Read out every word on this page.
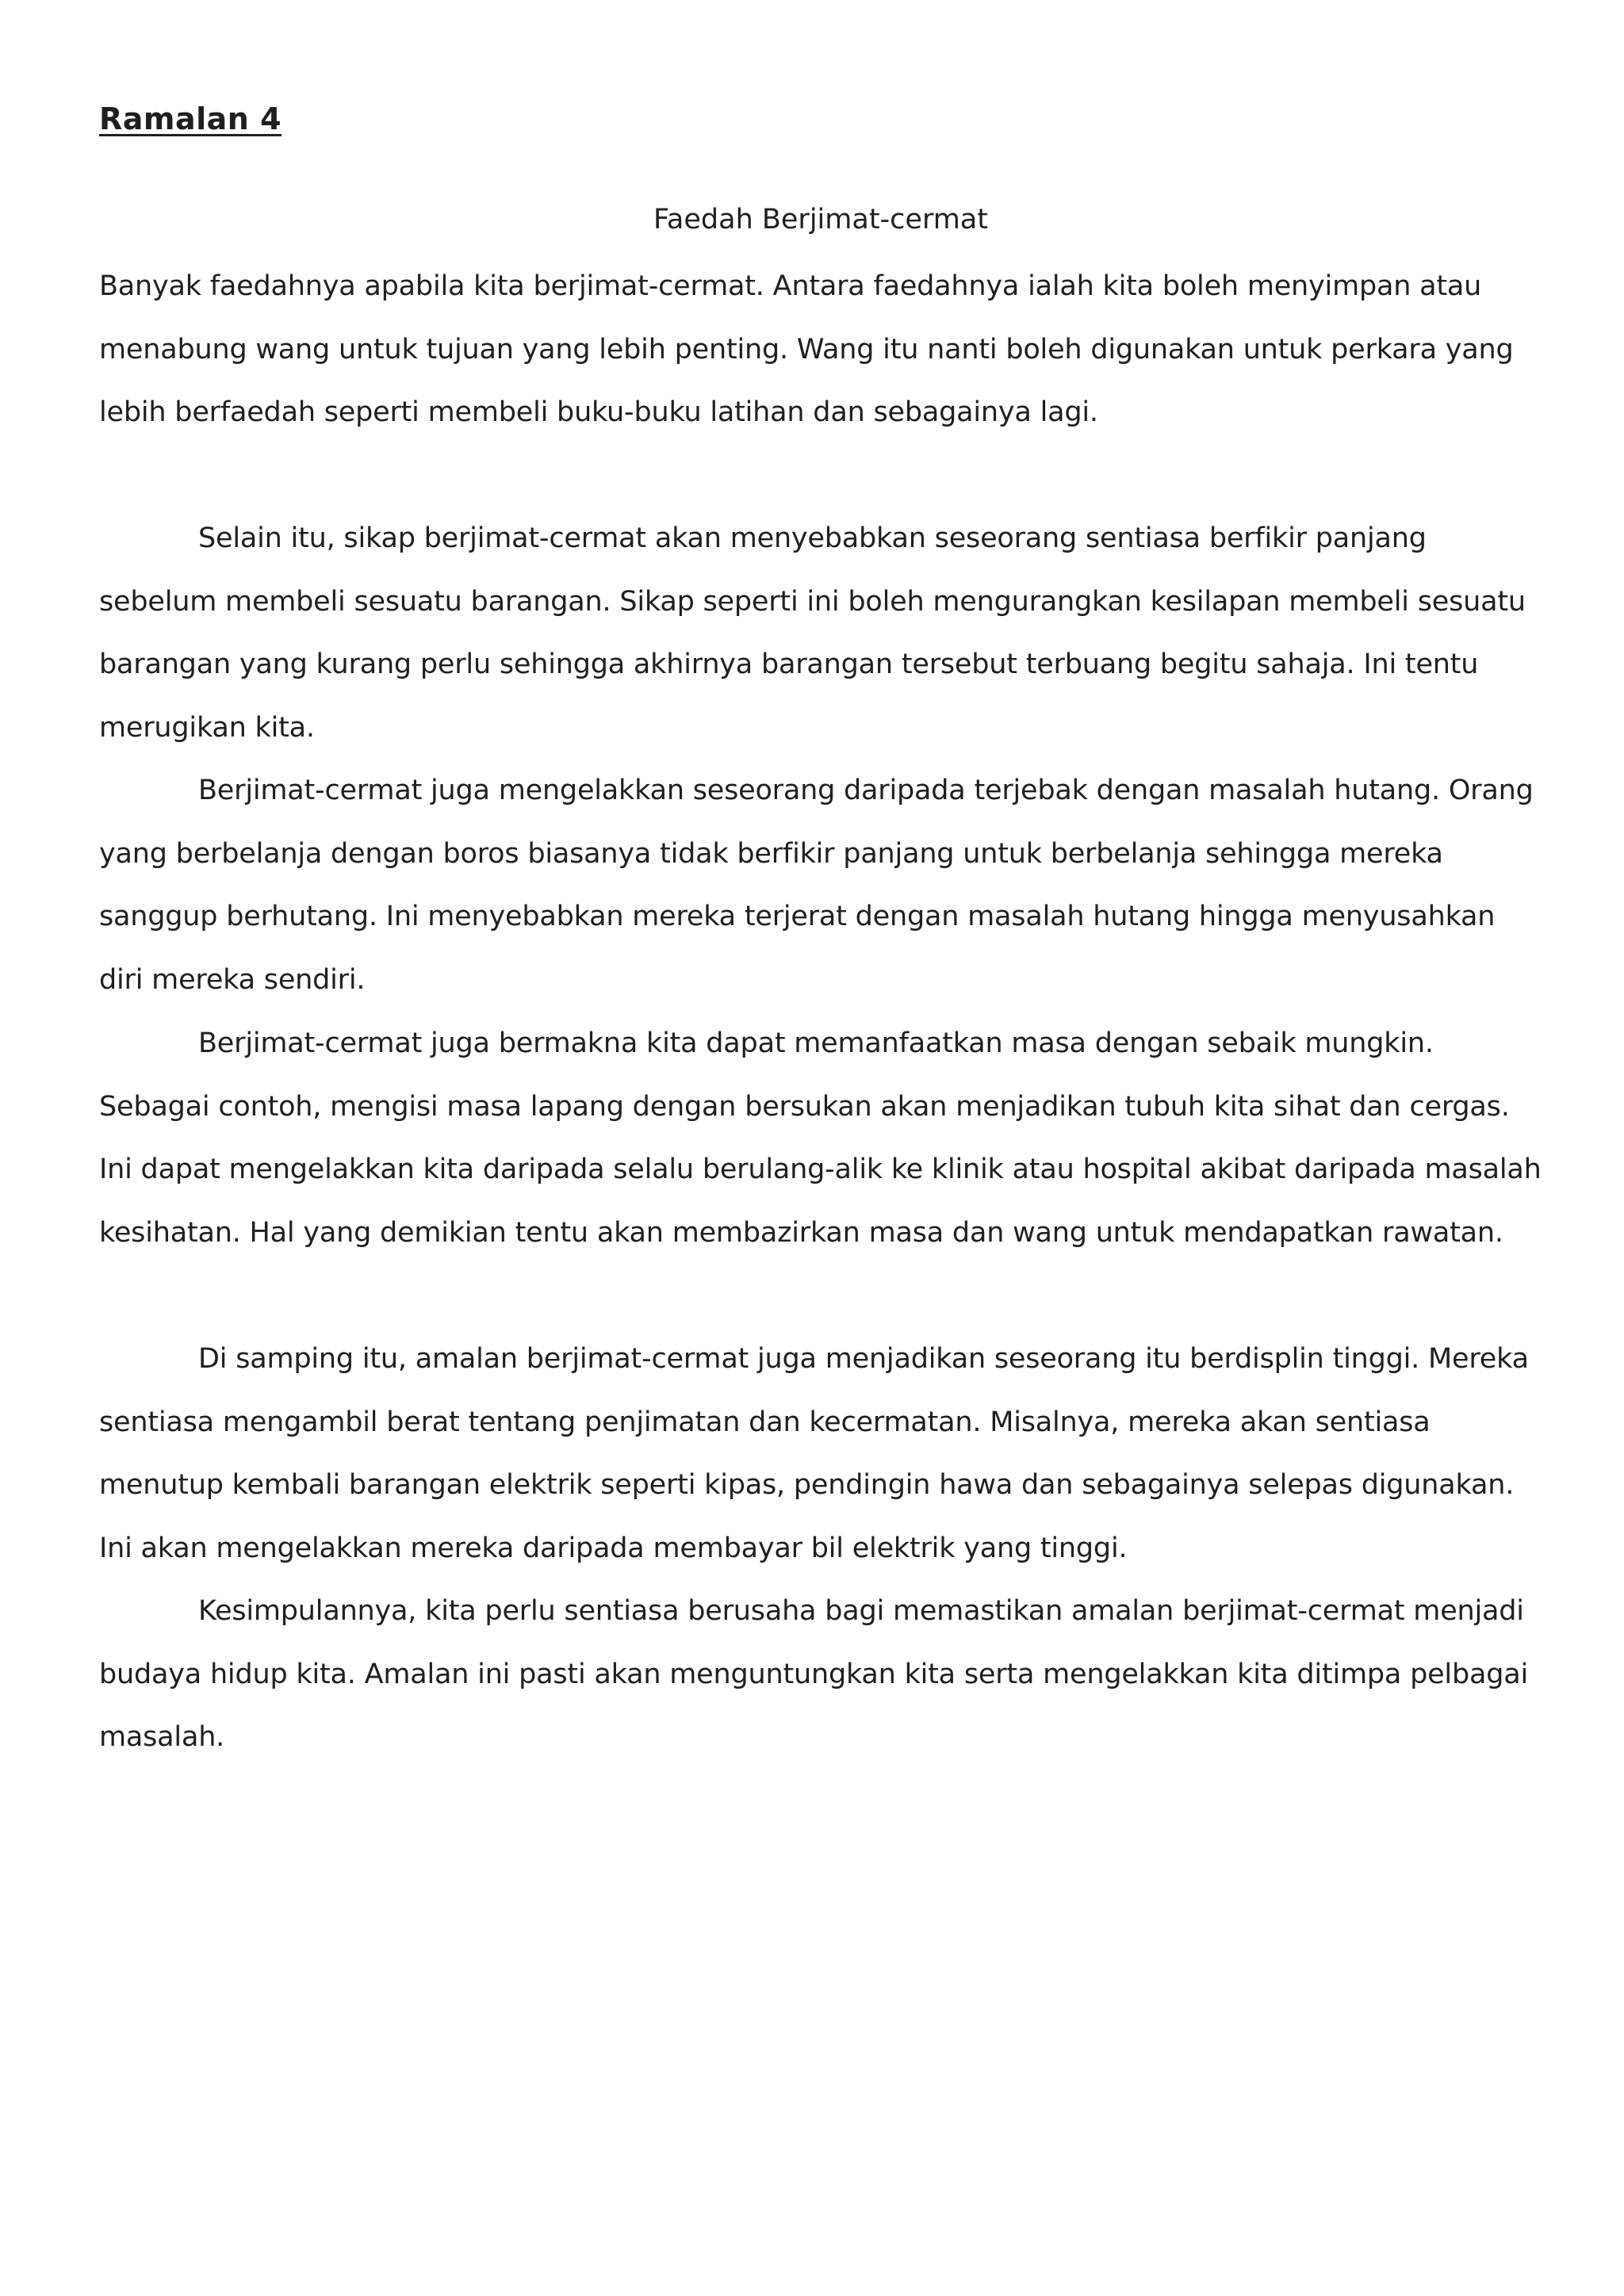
Ramalan 4
Faedah Berjimat-cermat

Banyak faedahnya apabila kita berjimat-cermat. Antara faedahnya ialah kita boleh menyimpan atau menabung wang untuk tujuan yang lebih penting. Wang itu nanti boleh digunakan untuk perkara yang lebih berfaedah seperti membeli buku-buku latihan dan sebagainya lagi.

Selain itu, sikap berjimat-cermat akan menyebabkan seseorang sentiasa berfikir panjang sebelum membeli sesuatu barangan. Sikap seperti ini boleh mengurangkan kesilapan membeli sesuatu barangan yang kurang perlu sehingga akhirnya barangan tersebut terbuang begitu sahaja. Ini tentu merugikan kita.

Berjimat-cermat juga mengelakkan seseorang daripada terjebak dengan masalah hutang. Orang yang berbelanja dengan boros biasanya tidak berfikir panjang untuk berbelanja sehingga mereka sanggup berhutang. Ini menyebabkan mereka terjerat dengan masalah hutang hingga menyusahkan diri mereka sendiri.

Berjimat-cermat juga bermakna kita dapat memanfaatkan masa dengan sebaik mungkin. Sebagai contoh, mengisi masa lapang dengan bersukan akan menjadikan tubuh kita sihat dan cergas. Ini dapat mengelakkan kita daripada selalu berulang-alik ke klinik atau hospital akibat daripada masalah kesihatan. Hal yang demikian tentu akan membazirkan masa dan wang untuk mendapatkan rawatan.

Di samping itu, amalan berjimat-cermat juga menjadikan seseorang itu berdisplin tinggi. Mereka sentiasa mengambil berat tentang penjimatan dan kecermatan. Misalnya, mereka akan sentiasa menutup kembali barangan elektrik seperti kipas, pendingin hawa dan sebagainya selepas digunakan. Ini akan mengelakkan mereka daripada membayar bil elektrik yang tinggi.

Kesimpulannya, kita perlu sentiasa berusaha bagi memastikan amalan berjimat-cermat menjadi budaya hidup kita. Amalan ini pasti akan menguntungkan kita serta mengelakkan kita ditimpa pelbagai masalah.
